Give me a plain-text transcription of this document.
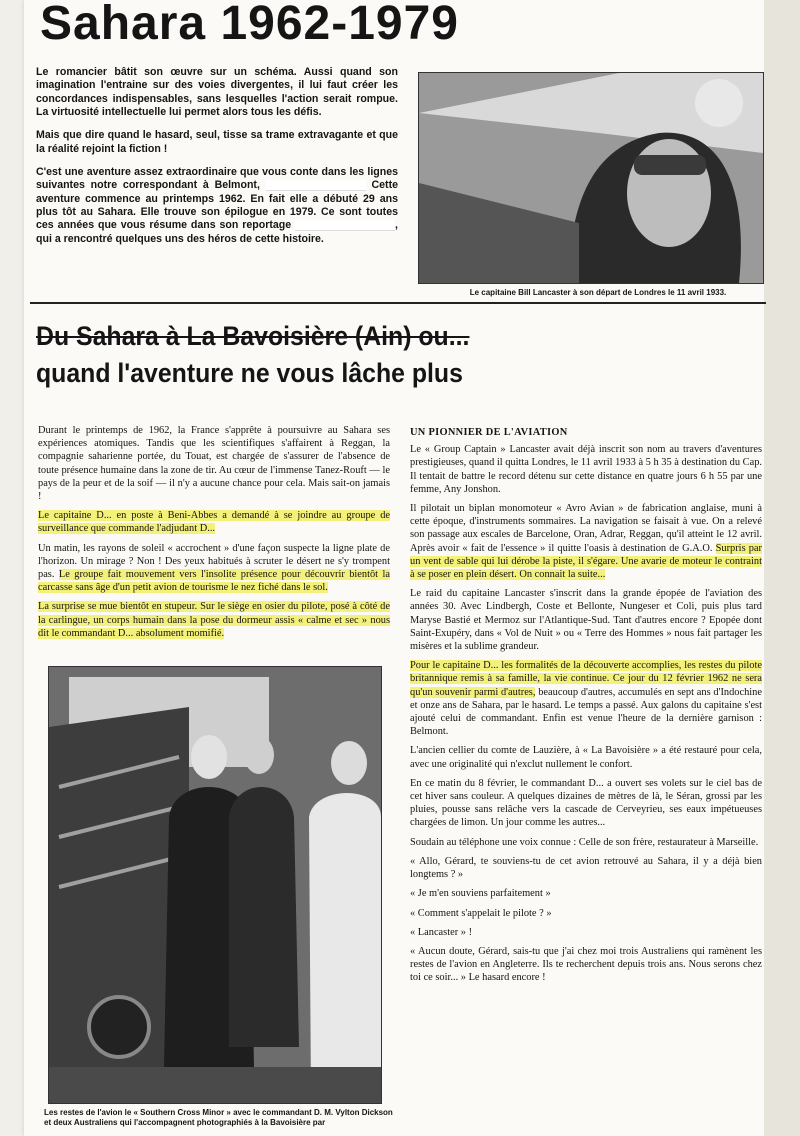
Sahara 1962-1979

Le romancier bâtit son œuvre sur un schéma. Aussi quand son imagination l'entraine sur des voies divergentes, il lui faut créer les concordances indispensables, sans lesquelles l'action serait rompue. La virtuosité intellectuelle lui permet alors tous les défis.

Mais que dire quand le hasard, seul, tisse sa trame extravagante et que la réalité rejoint la fiction !

C'est une aventure assez extraordinaire que vous conte dans les lignes suivantes notre correspondant à Belmont,	Cette aventure commence au printemps 1962. En fait elle a débuté 29 ans plus tôt au Sahara. Elle trouve son épilogue en 1979. Ce sont toutes ces années que vous résume dans son reportage	, qui a rencontré quelques uns des héros de cette histoire.

Le capitaine Bill Lancaster à son départ de Londres le 11 avril 1933.
Du Sahara à La Bavoisière (Ain) ou...
quand l'aventure ne vous lâche plus

Durant le printemps de 1962, la France s'apprête à poursuivre au Sahara ses expériences atomiques. Tandis que les scientifiques s'affairent à Reggan, la compagnie saharienne portée, du Touat, est chargée de s'assurer de l'absence de toute présence humaine dans la zone de tir. Au cœur de l'immense Tanez-Rouft — le pays de la peur et de la soif — il n'y a aucune chance pour cela. Mais sait-on jamais !

Le capitaine D... en poste à Beni-Abbes a demandé à se joindre au groupe de surveillance que commande l'adjudant D...

Un matin, les rayons de soleil « accrochent » d'une façon suspecte la ligne plate de l'horizon. Un mirage ? Non ! Des yeux habitués à scruter le désert ne s'y trompent pas. Le groupe fait mouvement vers l'insolite présence pour découvrir bientôt la carcasse sans âge d'un petit avion de tourisme le nez fiché dans le sol.

La surprise se mue bientôt en stupeur. Sur le siège en osier du pilote, posé à côté de la carlingue, un corps humain dans la pose du dormeur assis « calme et sec » nous dit le commandant D... absolument momifié.

Les restes de l'avion le « Southern Cross Minor » avec le commandant D. M. Vylton Dickson et deux Australiens qui l'accompagnent photographiés à la Bavoisière par
UN PIONNIER DE L'AVIATION

Le « Group Captain » Lancaster avait déjà inscrit son nom au travers d'aventures prestigieuses, quand il quitta Londres, le 11 avril 1933 à 5 h 35 à destination du Cap. Il tentait de battre le record détenu sur cette distance en quatre jours 6 h 55 par une femme, Any Jonshon.

Il pilotait un biplan monomoteur « Avro Avian » de fabrication anglaise, muni à cette époque, d'instruments sommaires. La navigation se faisait à vue. On a relevé son passage aux escales de Barcelone, Oran, Adrar, Reggan, qu'il atteint le 12 avril. Après avoir « fait de l'essence » il quitte l'oasis à destination de G.A.O. Surpris par un vent de sable qui lui dérobe la piste, il s'égare. Une avarie de moteur le contraint à se poser en plein désert. On connait la suite...

Le raid du capitaine Lancaster s'inscrit dans la grande épopée de l'aviation des années 30. Avec Lindbergh, Coste et Bellonte, Nungeser et Coli, puis plus tard Maryse Bastié et Mermoz sur l'Atlantique-Sud. Tant d'autres encore ? Epopée dont Saint-Exupéry, dans « Vol de Nuit » ou « Terre des Hommes » nous fait partager les misères et la sublime grandeur.

Pour le capitaine D... les formalités de la découverte accomplies, les restes du pilote britannique remis à sa famille, la vie continue. Ce jour du 12 février 1962 ne sera qu'un souvenir parmi d'autres, beaucoup d'autres, accumulés en sept ans d'Indochine et onze ans de Sahara, par le hasard. Le temps a passé. Aux galons du capitaine s'est ajouté celui de commandant. Enfin est venue l'heure de la dernière garnison : Belmont.

L'ancien cellier du comte de Lauzière, à « La Bavoisière » a été restauré pour cela, avec une originalité qui n'exclut nullement le confort.

En ce matin du 8 février, le commandant D... a ouvert ses volets sur le ciel bas de cet hiver sans couleur. A quelques dizaines de mètres de là, le Séran, grossi par les pluies, pousse sans relâche vers la cascade de Cerveyrieu, ses eaux impétueuses chargées de limon. Un jour comme les autres...

Soudain au téléphone une voix connue : Celle de son frère, restaurateur à Marseille.

« Allo, Gérard, te souviens-tu de cet avion retrouvé au Sahara, il y a déjà bien longtems ? »

« Je m'en souviens parfaitement »

« Comment s'appelait le pilote ? »

« Lancaster » !

« Aucun doute, Gérard, sais-tu que j'ai chez moi trois Australiens qui ramènent les restes de l'avion en Angleterre. Ils te recherchent depuis trois ans. Nous serons chez toi ce soir... » Le hasard encore !
